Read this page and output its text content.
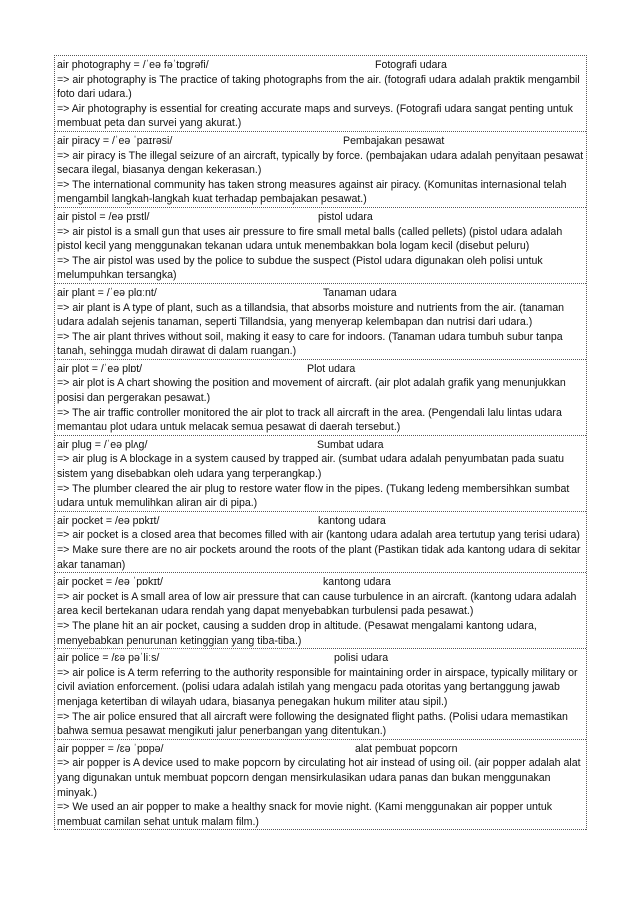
air photography = /ˈeə fəˈtɒgrəfi/	Fotografi udara

=> air photography is The practice of taking photographs from the air. (fotografi udara adalah praktik mengambil foto dari udara.)

=> Air photography is essential for creating accurate maps and surveys. (Fotografi udara sangat penting untuk membuat peta dan survei yang akurat.)

air piracy = /ˈeə ˈpaɪrəsi/	Pembajakan pesawat

=> air piracy is The illegal seizure of an aircraft, typically by force. (pembajakan udara adalah penyitaan pesawat secara ilegal, biasanya dengan kekerasan.)

=> The international community has taken strong measures against air piracy. (Komunitas internasional telah mengambil langkah-langkah kuat terhadap pembajakan pesawat.)

air pistol = /eə pɪstl/	pistol udara

=> air pistol is a small gun that uses air pressure to fire small metal balls (called pellets) (pistol udara adalah pistol kecil yang menggunakan tekanan udara untuk menembakkan bola logam kecil (disebut peluru)

=> The air pistol was used by the police to subdue the suspect (Pistol udara digunakan oleh polisi untuk melumpuhkan tersangka)

air plant = /ˈeə plɑːnt/	Tanaman udara

=> air plant is A type of plant, such as a tillandsia, that absorbs moisture and nutrients from the air. (tanaman udara adalah sejenis tanaman, seperti Tillandsia, yang menyerap kelembapan dan nutrisi dari udara.)

=> The air plant thrives without soil, making it easy to care for indoors. (Tanaman udara tumbuh subur tanpa tanah, sehingga mudah dirawat di dalam ruangan.)

air plot = /ˈeə plɒt/	Plot udara

=> air plot is A chart showing the position and movement of aircraft. (air plot adalah grafik yang menunjukkan posisi dan pergerakan pesawat.)

=> The air traffic controller monitored the air plot to track all aircraft in the area. (Pengendali lalu lintas udara memantau plot udara untuk melacak semua pesawat di daerah tersebut.)

air plug = /ˈeə plʌg/	Sumbat udara

=> air plug is A blockage in a system caused by trapped air. (sumbat udara adalah penyumbatan pada suatu sistem yang disebabkan oleh udara yang terperangkap.)

=> The plumber cleared the air plug to restore water flow in the pipes. (Tukang ledeng membersihkan sumbat udara untuk memulihkan aliran air di pipa.)

air pocket = /eə pɒkɪt/	kantong udara

=> air pocket is a closed area that becomes filled with air (kantong udara adalah area tertutup yang terisi udara)

=> Make sure there are no air pockets around the roots of the plant (Pastikan tidak ada kantong udara di sekitar akar tanaman)

air pocket = /eə ˈpɒkɪt/	kantong udara

=> air pocket is A small area of low air pressure that can cause turbulence in an aircraft. (kantong udara adalah area kecil bertekanan udara rendah yang dapat menyebabkan turbulensi pada pesawat.)

=> The plane hit an air pocket, causing a sudden drop in altitude. (Pesawat mengalami kantong udara, menyebabkan penurunan ketinggian yang tiba-tiba.)

air police = /ɛə pəˈliːs/	polisi udara

=> air police is A term referring to the authority responsible for maintaining order in airspace, typically military or civil aviation enforcement. (polisi udara adalah istilah yang mengacu pada otoritas yang bertanggung jawab menjaga ketertiban di wilayah udara, biasanya penegakan hukum militer atau sipil.)

=> The air police ensured that all aircraft were following the designated flight paths. (Polisi udara memastikan bahwa semua pesawat mengikuti jalur penerbangan yang ditentukan.)

air popper = /ɛə ˈpɒpə/	alat pembuat popcorn

=> air popper is A device used to make popcorn by circulating hot air instead of using oil. (air popper adalah alat yang digunakan untuk membuat popcorn dengan mensirkulasikan udara panas dan bukan menggunakan minyak.)

=> We used an air popper to make a healthy snack for movie night. (Kami menggunakan air popper untuk membuat camilan sehat untuk malam film.)
